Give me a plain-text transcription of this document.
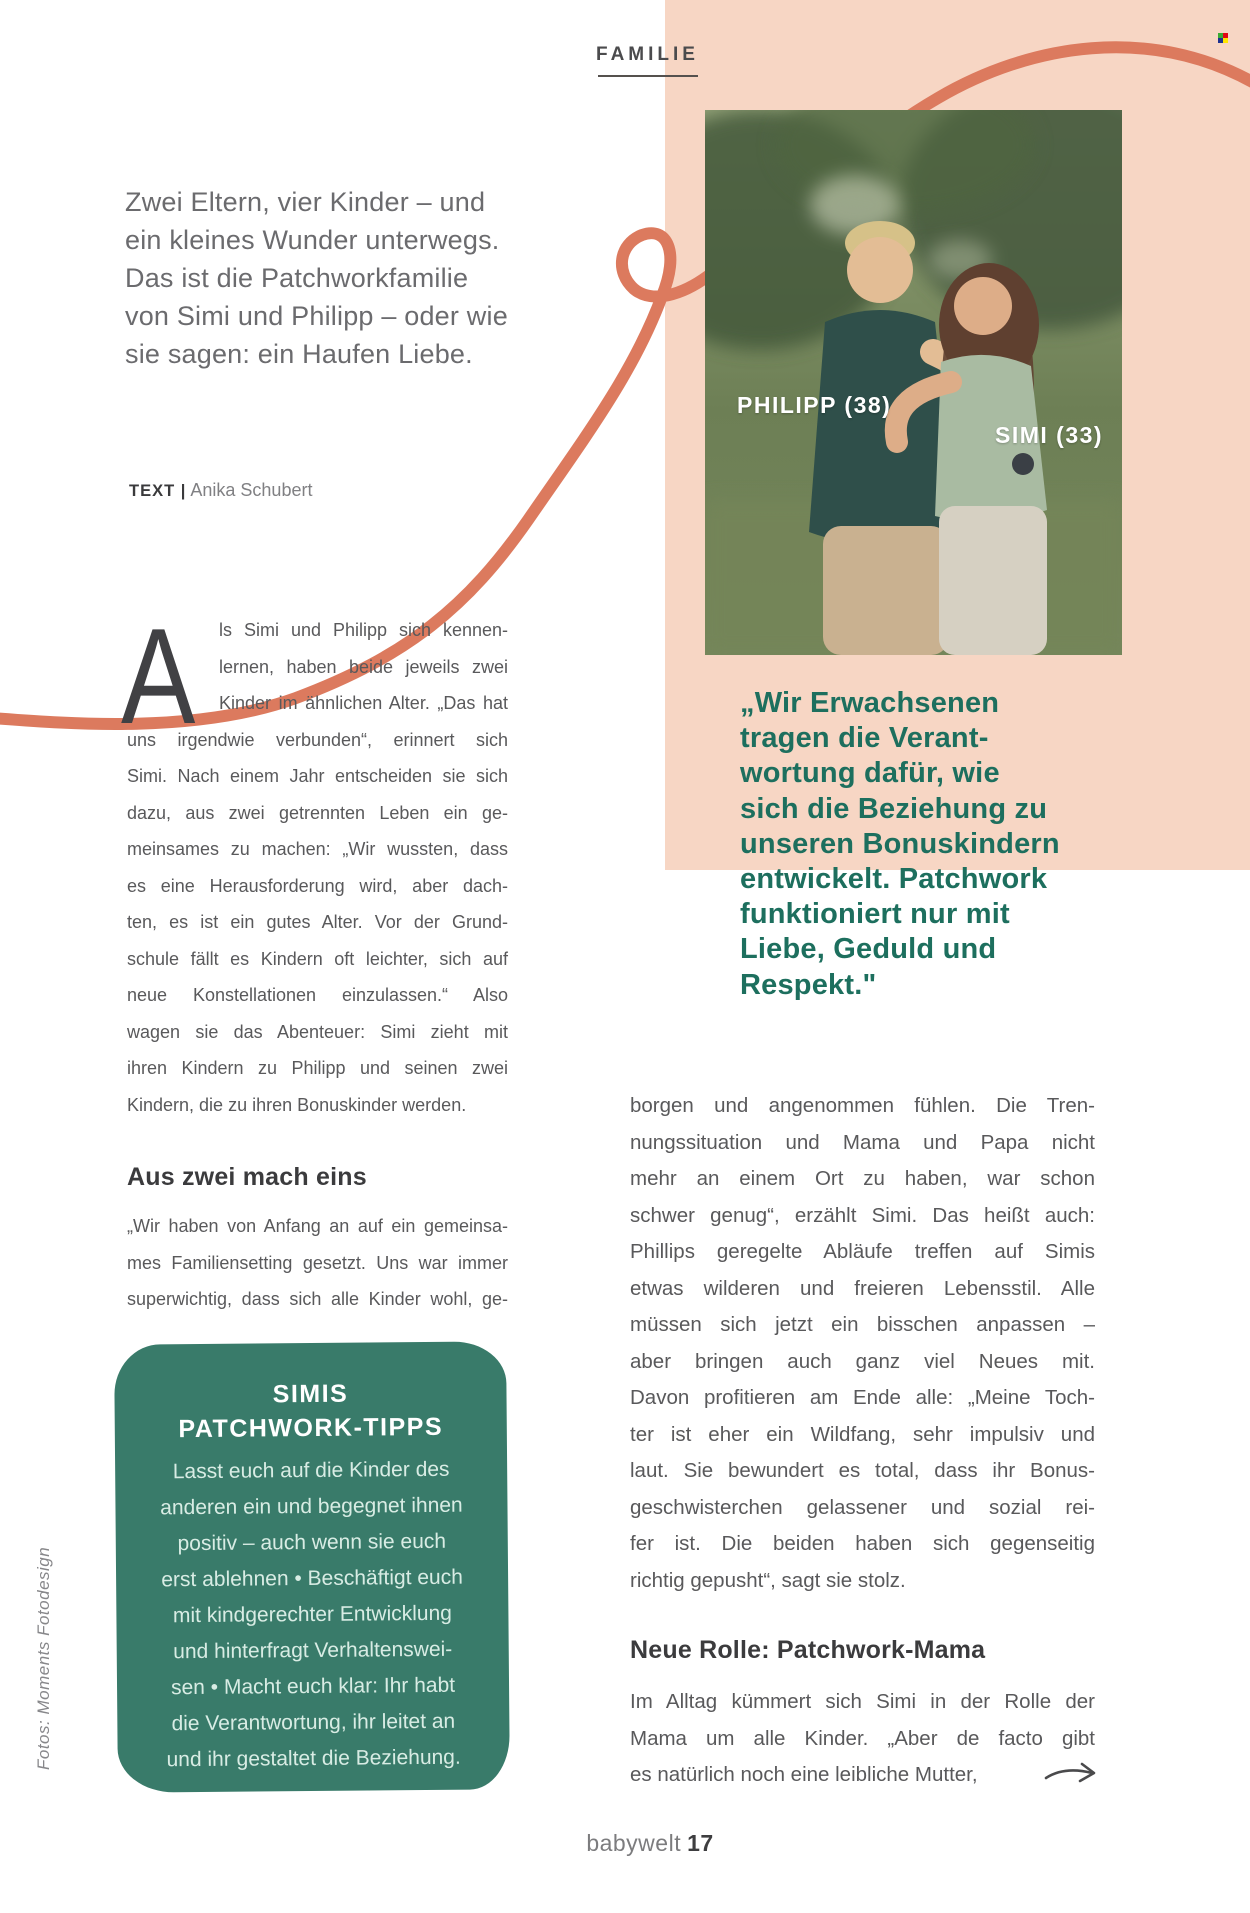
FAMILIE
PHILIPP (38)
SIMI (33)
Zwei Eltern, vier Kinder – und
ein kleines Wunder unterwegs.
Das ist die Patchworkfamilie
von Simi und Philipp – oder wie
sie sagen: ein Haufen Liebe.
TEXT | Anika Schubert
„Wir Erwachsenen
tragen die Verant-
wortung dafür, wie
sich die Beziehung zu
unseren Bonuskindern
entwickelt. Patchwork
funktioniert nur mit
Liebe, Geduld und
Respekt."
A	ls Simi und Philipp sich kennen-
lernen, haben beide jeweils zwei
Kinder im ähnlichen Alter. „Das hat
uns irgendwie verbunden“, erinnert sich
Simi. Nach einem Jahr entscheiden sie sich
dazu, aus zwei getrennten Leben ein ge-
meinsames zu machen: „Wir wussten, dass
es eine Herausforderung wird, aber dach-
ten, es ist ein gutes Alter. Vor der Grund-
schule fällt es Kindern oft leichter, sich auf
neue Konstellationen einzulassen.“ Also
wagen sie das Abenteuer: Simi zieht mit
ihren Kindern zu Philipp und seinen zwei
Kindern, die zu ihren Bonuskinder werden.
Aus zwei mach eins
„Wir haben von Anfang an auf ein gemeinsa-
mes Familiensetting gesetzt. Uns war immer
superwichtig, dass sich alle Kinder wohl, ge-
SIMIS
PATCHWORK-TIPPS
Lasst euch auf die Kinder des
anderen ein und begegnet ihnen
positiv – auch wenn sie euch
erst ablehnen • Beschäftigt euch
mit kindgerechter Entwicklung
und hinterfragt Verhaltenswei-
sen • Macht euch klar: Ihr habt
die Verantwortung, ihr leitet an
und ihr gestaltet die Beziehung.
borgen und angenommen fühlen. Die Tren-
nungssituation und Mama und Papa nicht
mehr an einem Ort zu haben, war schon
schwer genug“, erzählt Simi. Das heißt auch:
Phillips geregelte Abläufe treffen auf Simis
etwas wilderen und freieren Lebensstil. Alle
müssen sich jetzt ein bisschen anpassen –
aber bringen auch ganz viel Neues mit.
Davon profitieren am Ende alle: „Meine Toch-
ter ist eher ein Wildfang, sehr impulsiv und
laut. Sie bewundert es total, dass ihr Bonus-
geschwisterchen gelassener und sozial rei-
fer ist. Die beiden haben sich gegenseitig
richtig gepusht“, sagt sie stolz.
Neue Rolle: Patchwork-Mama
Im Alltag kümmert sich Simi in der Rolle der
Mama um alle Kinder. „Aber de facto gibt
es natürlich noch eine leibliche Mutter,
Fotos: Moments Fotodesign
babywelt 17
